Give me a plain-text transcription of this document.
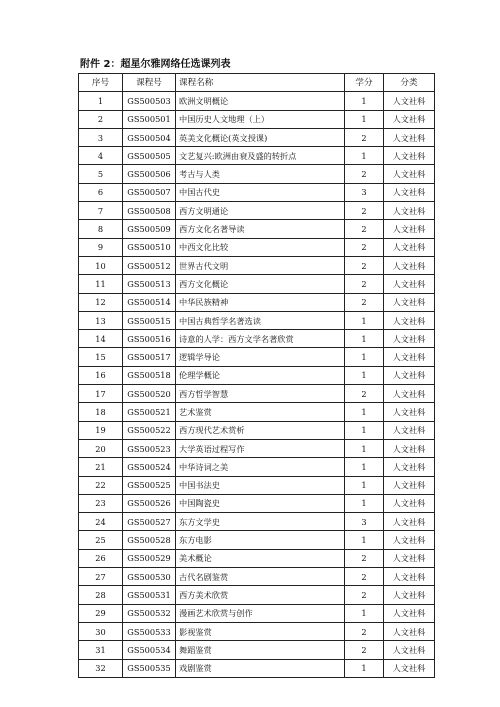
附件 2：超星尔雅网络任选课列表
序号	课程号	课程名称	学分	分类
1	GS500503	欧洲文明概论	1	人文社科
2	GS500501	中国历史人文地理（上）	1	人文社科
3	GS500504	英美文化概论(英文授课)	2	人文社科
4	GS500505	文艺复兴:欧洲由衰及盛的转折点	1	人文社科
5	GS500506	考古与人类	2	人文社科
6	GS500507	中国古代史	3	人文社科
7	GS500508	西方文明通论	2	人文社科
8	GS500509	西方文化名著导读	2	人文社科
9	GS500510	中西文化比较	2	人文社科
10	GS500512	世界古代文明	2	人文社科
11	GS500513	西方文化概论	2	人文社科
12	GS500514	中华民族精神	2	人文社科
13	GS500515	中国古典哲学名著选读	1	人文社科
14	GS500516	诗意的人学：西方文学名著欣赏	1	人文社科
15	GS500517	逻辑学导论	1	人文社科
16	GS500518	伦理学概论	1	人文社科
17	GS500520	西方哲学智慧	2	人文社科
18	GS500521	艺术鉴赏	1	人文社科
19	GS500522	西方现代艺术赏析	1	人文社科
20	GS500523	大学英语过程写作	1	人文社科
21	GS500524	中华诗词之美	1	人文社科
22	GS500525	中国书法史	1	人文社科
23	GS500526	中国陶瓷史	1	人文社科
24	GS500527	东方文学史	3	人文社科
25	GS500528	东方电影	1	人文社科
26	GS500529	美术概论	2	人文社科
27	GS500530	古代名剧鉴赏	2	人文社科
28	GS500531	西方美术欣赏	2	人文社科
29	GS500532	漫画艺术欣赏与创作	1	人文社科
30	GS500533	影视鉴赏	2	人文社科
31	GS500534	舞蹈鉴赏	2	人文社科
32	GS500535	戏剧鉴赏	1	人文社科
